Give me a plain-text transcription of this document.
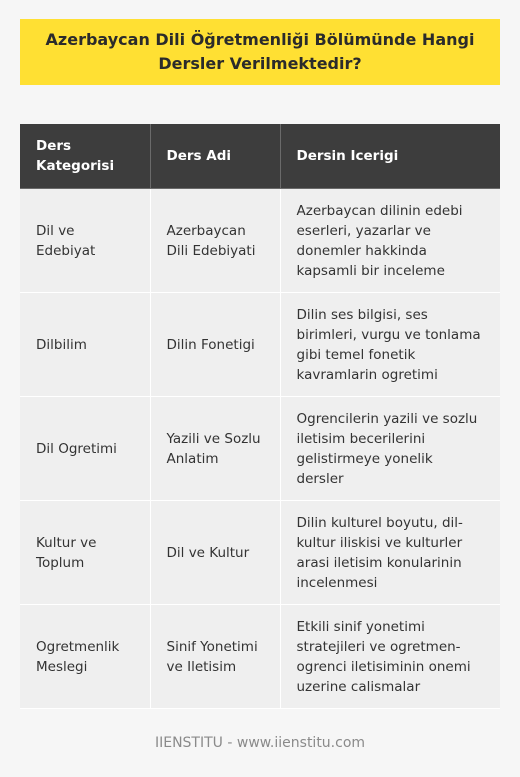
Azerbaycan Dili Öğretmenliği Bölümünde Hangi Dersler Verilmektedir?
Ders Kategorisi	Ders Adi	Dersin Icerigi
Dil ve Edebiyat	Azerbaycan Dili Edebiyati	Azerbaycan dilinin edebi eserleri, yazarlar ve donemler hakkinda kapsamli bir inceleme
Dilbilim	Dilin Fonetigi	Dilin ses bilgisi, ses birimleri, vurgu ve tonlama gibi temel fonetik kavramlarin ogretimi
Dil Ogretimi	Yazili ve Sozlu Anlatim	Ogrencilerin yazili ve sozlu iletisim becerilerini gelistirmeye yonelik dersler
Kultur ve Toplum	Dil ve Kultur	Dilin kulturel boyutu, dil-kultur iliskisi ve kulturler arasi iletisim konularinin incelenmesi
Ogretmenlik Meslegi	Sinif Yonetimi ve Iletisim	Etkili sinif yonetimi stratejileri ve ogretmen-ogrenci iletisiminin onemi uzerine calismalar
IIENSTITU - www.iienstitu.com
